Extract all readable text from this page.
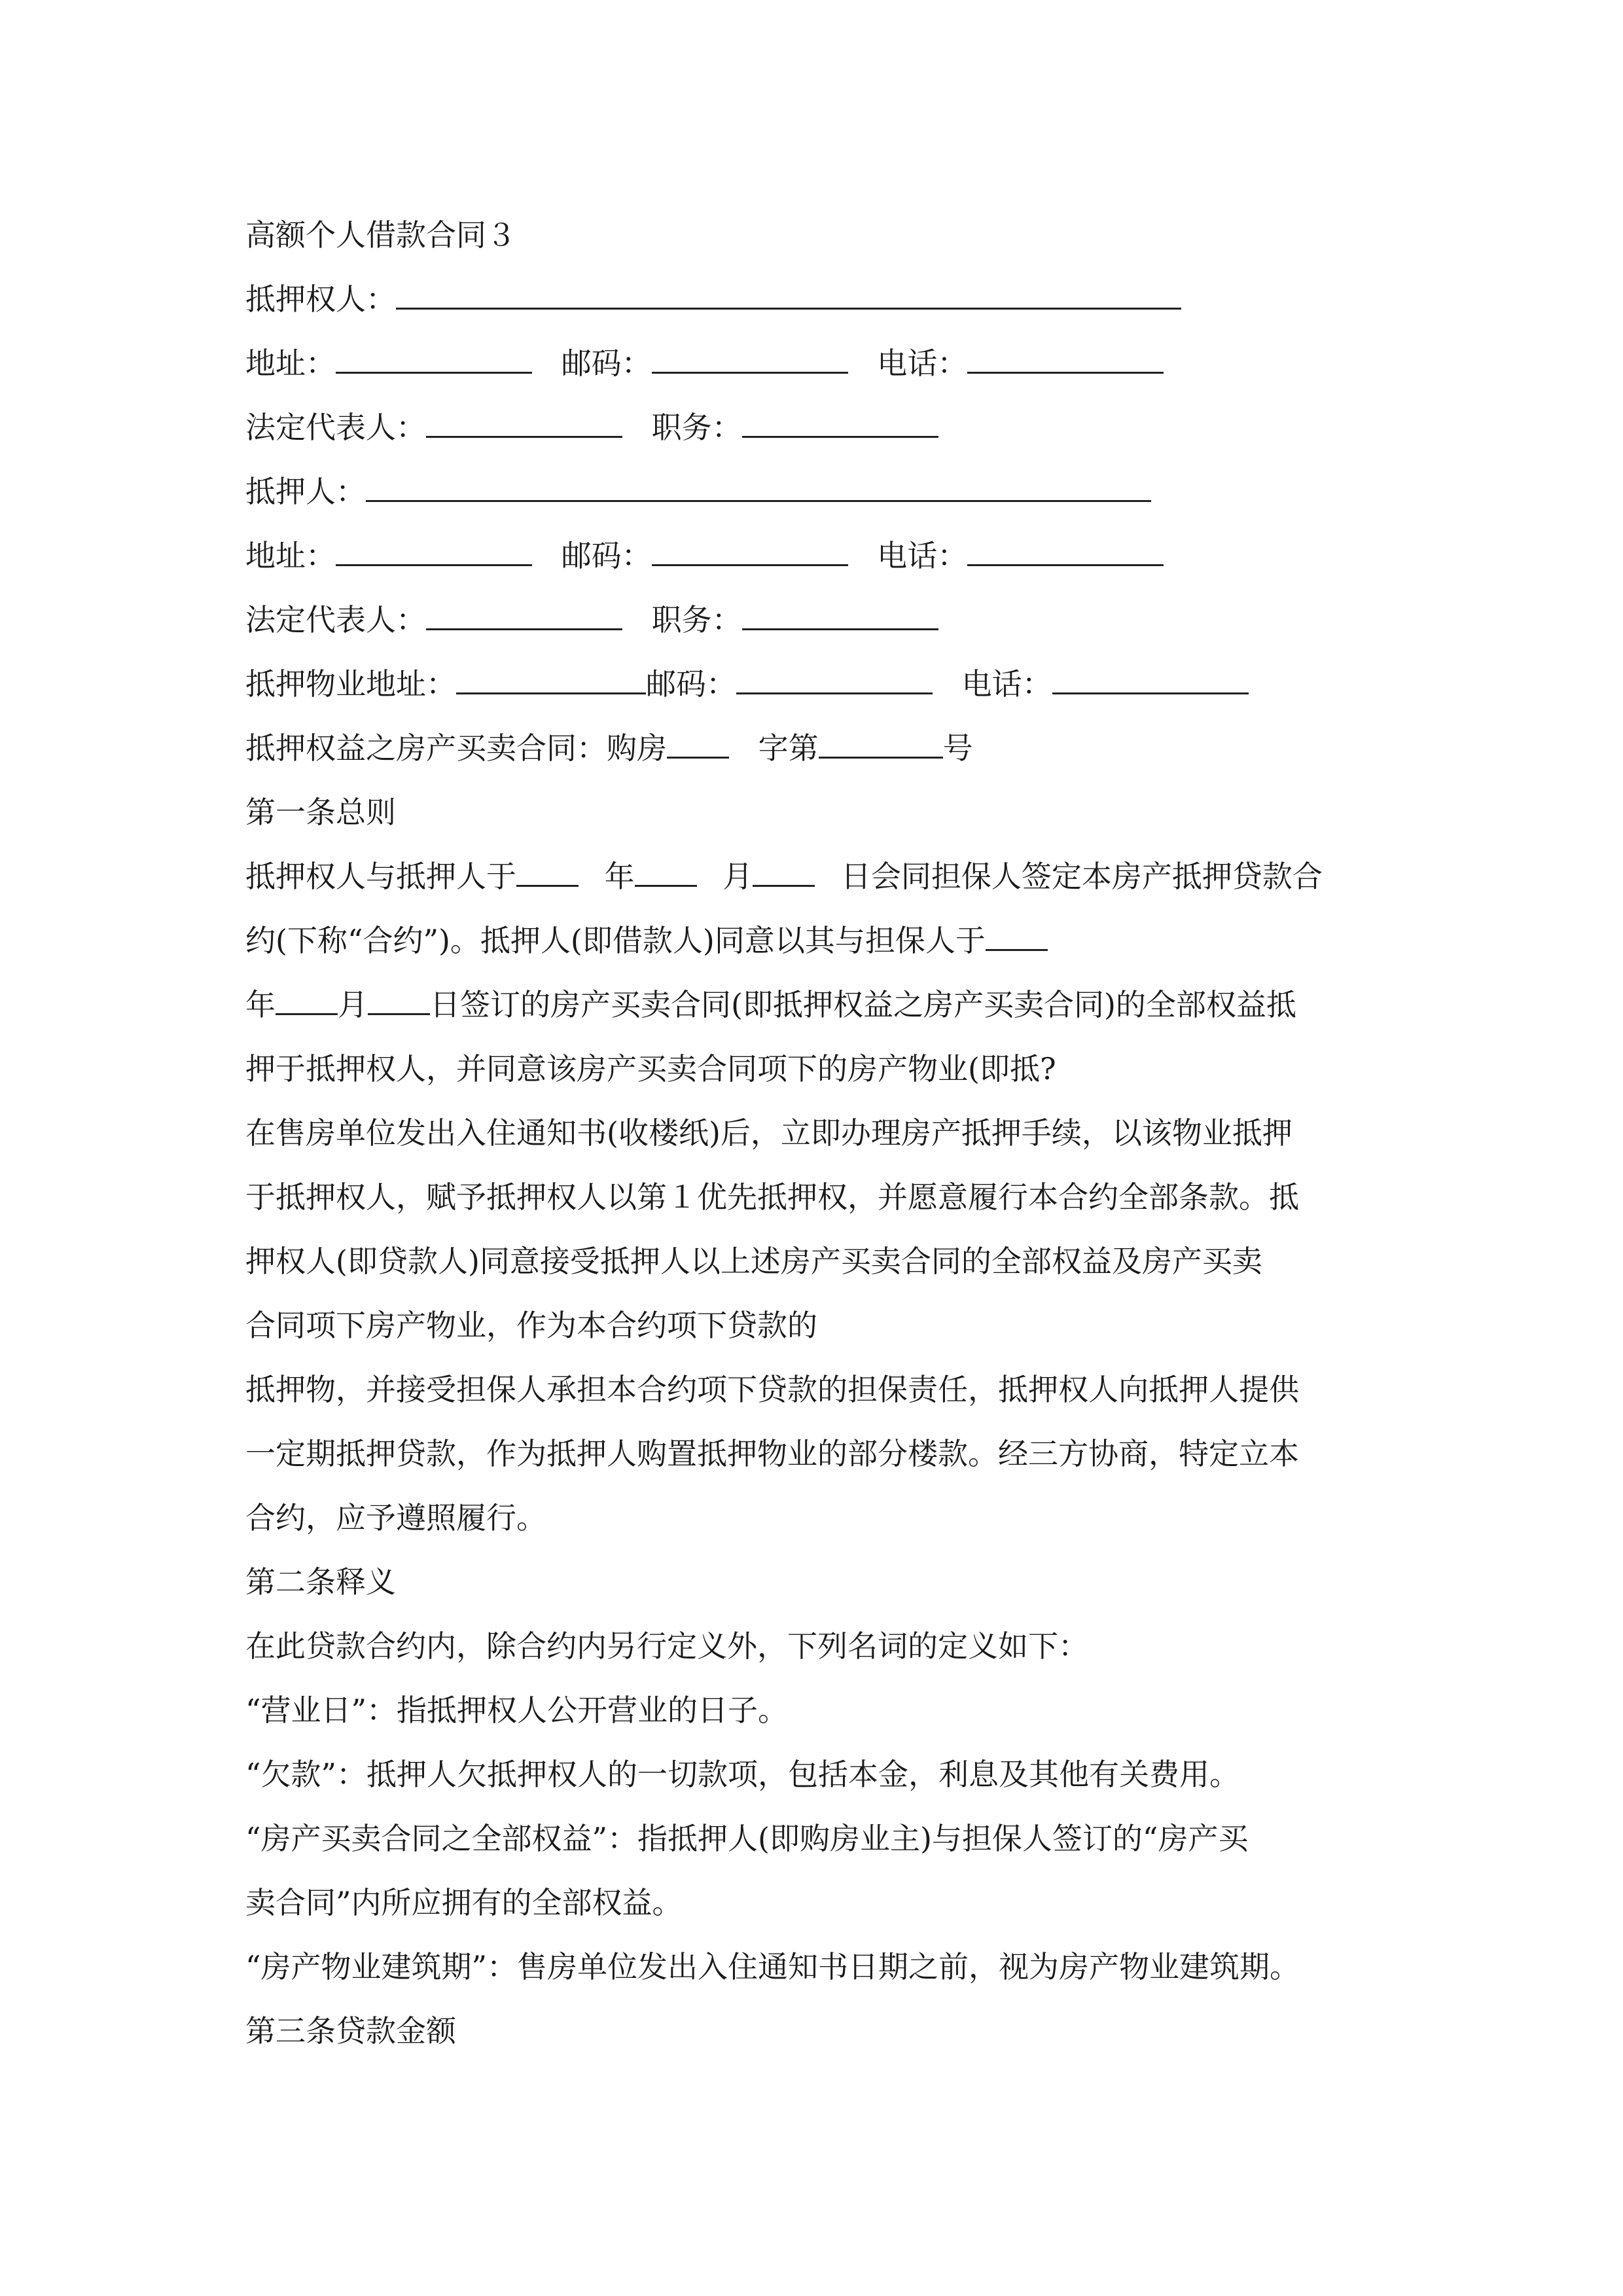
高额个人借款合同３
抵押权人：
地址：	邮码：	电话：
法定代表人：	职务：
抵押人：
地址：	邮码：	电话：
法定代表人：	职务：
抵押物业地址：	邮码：	电话：
抵押权益之房产买卖合同：购房	字第	号
第一条总则
抵押权人与抵押人于	年	月	日会同担保人签定本房产抵押贷款合
约(下称“合约”)。抵押人(即借款人)同意以其与担保人于
年 月 日签订的房产买卖合同(即抵押权益之房产买卖合同)的全部权益抵
押于抵押权人，并同意该房产买卖合同项下的房产物业(即抵?
在售房单位发出入住通知书(收楼纸)后，立即办理房产抵押手续，以该物业抵押
于抵押权人，赋予抵押权人以第１优先抵押权，并愿意履行本合约全部条款。抵
押权人(即贷款人)同意接受抵押人以上述房产买卖合同的全部权益及房产买卖
合同项下房产物业，作为本合约项下贷款的
抵押物，并接受担保人承担本合约项下贷款的担保责任，抵押权人向抵押人提供
一定期抵押贷款，作为抵押人购置抵押物业的部分楼款。经三方协商，特定立本
合约，应予遵照履行。
第二条释义
在此贷款合约内，除合约内另行定义外，下列名词的定义如下：
“营业日”：指抵押权人公开营业的日子。
“欠款”：抵押人欠抵押权人的一切款项，包括本金，利息及其他有关费用。
“房产买卖合同之全部权益”：指抵押人(即购房业主)与担保人签订的“房产买
卖合同”内所应拥有的全部权益。
“房产物业建筑期”：售房单位发出入住通知书日期之前，视为房产物业建筑期。
第三条贷款金额
